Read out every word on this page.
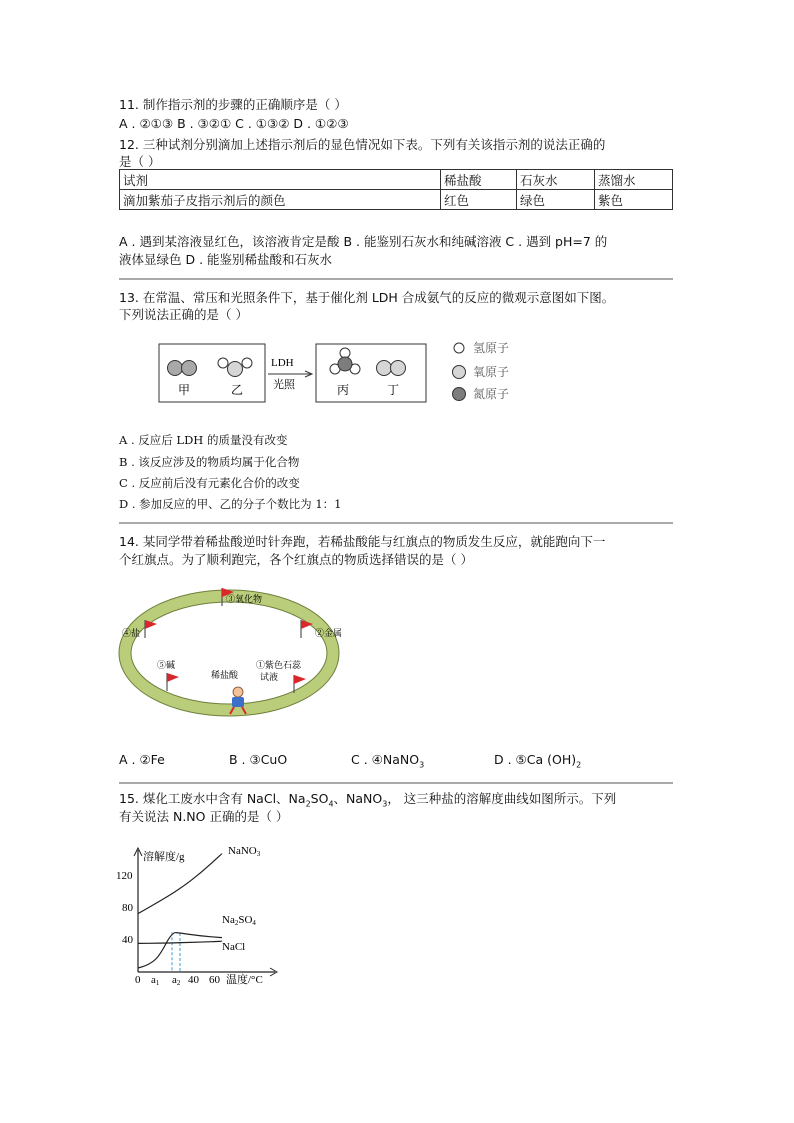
11. 制作指示剂的步骤的正确顺序是（ ）
A . ②①③ B . ③②① C . ①③② D . ①②③
12. 三种试剂分别滴加上述指示剂后的显色情况如下表。下列有关该指示剂的说法正确的
是（ ）
试剂	稀盐酸	石灰水	蒸馏水
滴加紫茄子皮指示剂后的颜色	红色	绿色	紫色
A . 遇到某溶液显红色，该溶液肯定是酸 B . 能鉴别石灰水和纯碱溶液 C . 遇到 pH=7 的
液体显绿色 D . 能鉴别稀盐酸和石灰水
13. 在常温、常压和光照条件下，基于催化剂 LDH 合成氨气的反应的微观示意图如下图。
下列说法正确的是（ ）
甲	乙
LDH
光照	丙	丁
氢原子
氧原子
氮原子
A . 反应后 LDH 的质量没有改变
B . 该反应涉及的物质均属于化合物
C . 反应前后没有元素化合价的改变
D . 参加反应的甲、乙的分子个数比为 1：1
14. 某同学带着稀盐酸逆时针奔跑，若稀盐酸能与红旗点的物质发生反应，就能跑向下一
个红旗点。为了顺利跑完，各个红旗点的物质选择错误的是（ ）
③氧化物
④盐	②金属
⑤碱	①紫色石蕊
试液
稀盐酸
A . ②Fe	B . ③CuO	C . ④NaNO$_3$	D . ⑤Ca $(OH)_2$
15. 煤化工废水中含有 NaCl、$Na_2SO_4$、NaNO$_3$， 这三种盐的溶解度曲线如图所示。下列
有关说法 N.NO 正确的是（ ）
溶解度/g
温度/°C
120
80
40
0 a1 a2 40 60
NaNO3
Na2SO4
NaCl
